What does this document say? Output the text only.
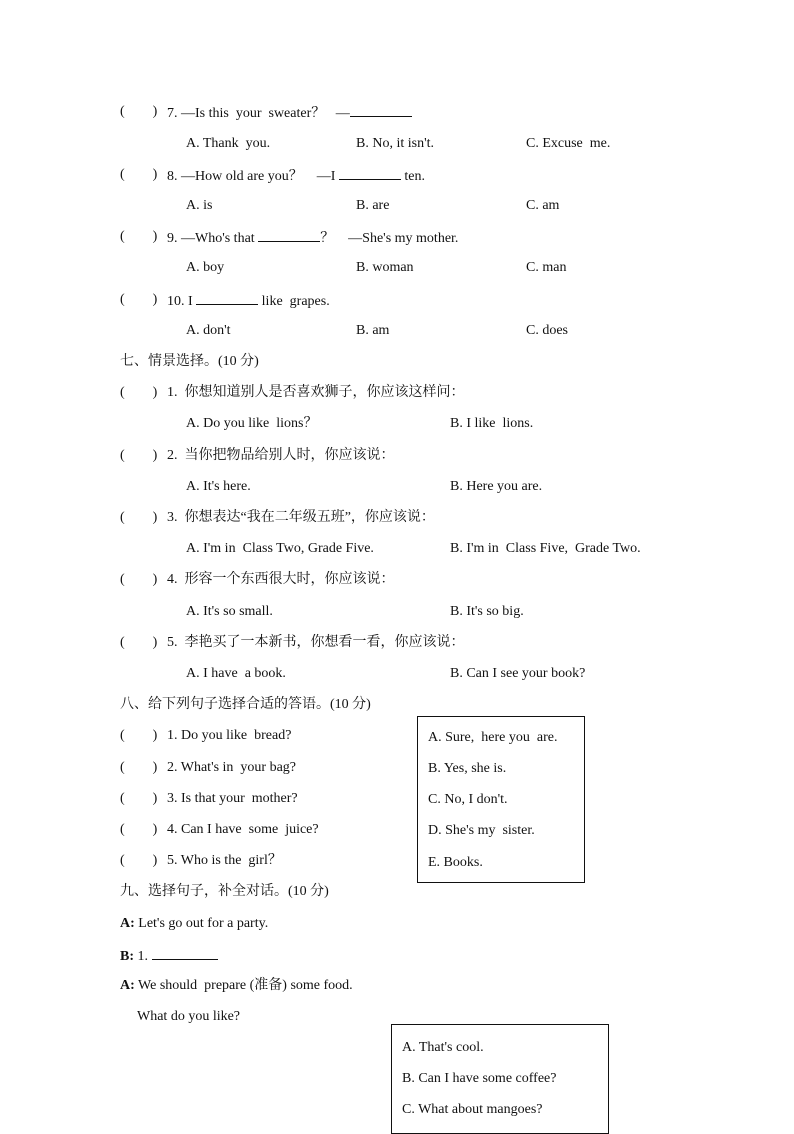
(        ) 7. —Is this  your  sweater？   —
A. Thank  you.	B. No, it isn't.	C. Excuse  me.
(        ) 8. —How old are you？    —I	ten.
A. is	B. are	C. am
(        ) 9. —Who's that	？    —She's my mother.
A. boy	B. woman	C. man
(        ) 10. I	like  grapes.
A. don't	B. am	C. does
七、情景选择。(10 分)
(        ) 1.  你想知道别人是否喜欢狮子，你应该这样问：
A. Do you like  lions？	B. I like  lions.
(        ) 2.  当你把物品给别人时，你应该说：
A. It's here.	B. Here you are.
(        ) 3.  你想表达“我在二年级五班”，你应该说：
A. I'm in  Class Two, Grade Five.	B. I'm in  Class Five,  Grade Two.
(        ) 4.  形容一个东西很大时，你应该说：
A. It's so small.	B. It's so big.
(        ) 5.  李艳买了一本新书，你想看一看，你应该说：
A. I have  a book.	B. Can I see your book?
八、给下列句子选择合适的答语。(10 分)
(        ) 1. Do you like  bread?
(        ) 2. What's in  your bag?
(        ) 3. Is that your  mother?
(        ) 4. Can I have  some  juice?
(        ) 5. Who is the  girl？
A. Sure,  here you  are.
B. Yes, she is.
C. No, I don't.
D. She's my  sister.
E. Books.
九、选择句子，补全对话。(10 分)
A: Let's go out for a party.
B: 1.
A: We should  prepare (准备) some food.
What do you like?
A. That's cool.
B. Can I have some coffee?
C. What about mangoes?
